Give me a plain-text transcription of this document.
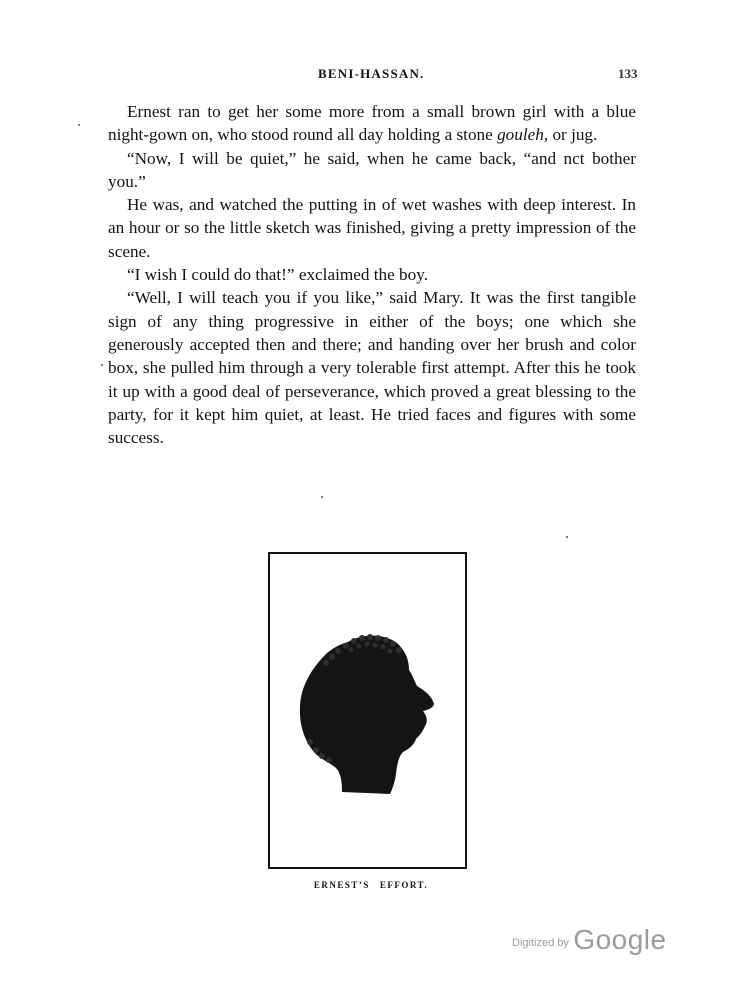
BENI-HASSAN.	133

Ernest ran to get her some more from a small brown girl with a blue night-gown on, who stood round all day holding a stone gouleh, or jug.

“Now, I will be quiet,” he said, when he came back, “and nct bother you.”

He was, and watched the putting in of wet washes with deep interest. In an hour or so the little sketch was finished, giving a pretty impression of the scene.

“I wish I could do that!” exclaimed the boy.

“Well, I will teach you if you like,” said Mary. It was the first tangible sign of any thing progressive in either of the boys; one which she generously accepted then and there; and handing over her brush and color box, she pulled him through a very tolerable first attempt. After this he took it up with a good deal of perseverance, which proved a great blessing to the party, for it kept him quiet, at least. He tried faces and figures with some success.

ERNEST’S EFFORT.
Digitized by Google
